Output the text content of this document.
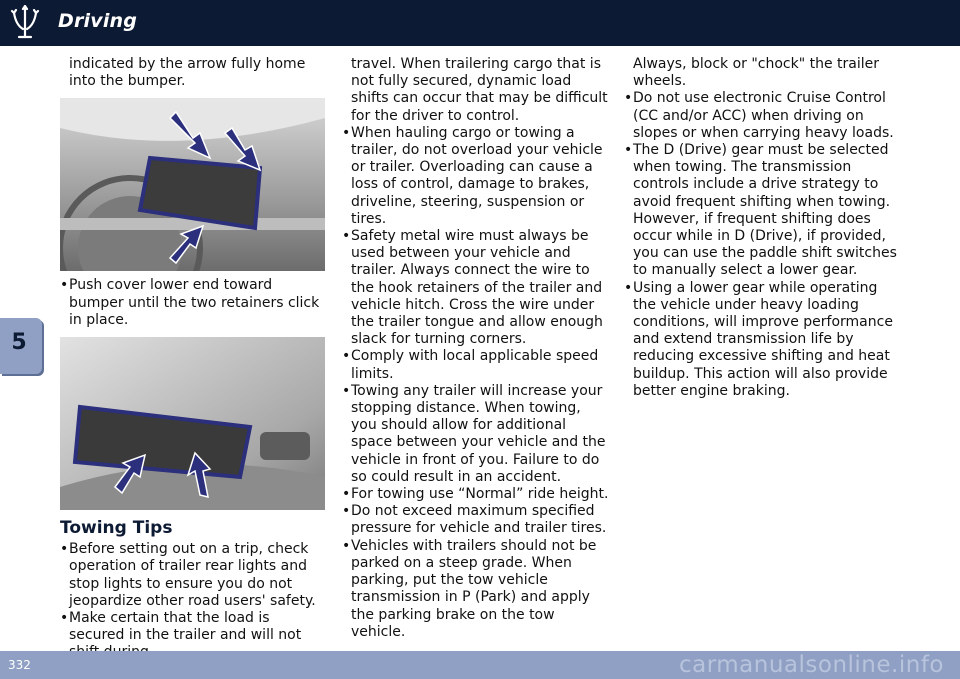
Driving
5

indicated by the arrow fully home into the bumper.

• Push cover lower end toward bumper until the two retainers click in place.
Towing Tips
• Before setting out on a trip, check operation of trailer rear lights and stop lights to ensure you do not jeopardize other road users' safety.
• Make certain that the load is secured in the trailer and will not

travel. When trailering cargo that is not fully secured, dynamic load shifts can occur that may be difficult for the driver to control.

• When hauling cargo or towing a trailer, do not overload your vehicle or trailer. Overloading can cause a loss of control, damage to brakes, driveline, steering, suspension or tires.
• Safety metal wire must always be used between your vehicle and trailer. Always connect the wire to the hook retainers of the trailer and vehicle hitch. Cross the wire under the trailer tongue and allow enough slack for turning corners.
• Comply with local applicable speed limits.
• Towing any trailer will increase your stopping distance. When towing, you should allow for additional space between your vehicle and the vehicle in front of you. Failure to do so could result in an accident.
• For towing use “Normal” ride height.
• Do not exceed maximum specified pressure for vehicle and trailer tires.
• Vehicles with trailers should not be parked on a steep grade. When parking, put the tow vehicle transmission in P (Park) and apply the parking brake on the tow vehicle.

Always, block or "chock" the trailer wheels.

• Do not use electronic Cruise Control (CC and/or ACC) when driving on slopes or when carrying heavy loads.
• The D (Drive) gear must be selected when towing. The transmission controls include a drive strategy to avoid frequent shifting when towing. However, if frequent shifting does occur while in D (Drive), if provided, you can use the paddle shift switches to manually select a lower gear.
• Using a lower gear while operating the vehicle under heavy loading conditions, will improve performance and extend transmission life by reducing excessive shifting and heat buildup. This action will also provide better engine braking.
332	carmanualsonline.info
